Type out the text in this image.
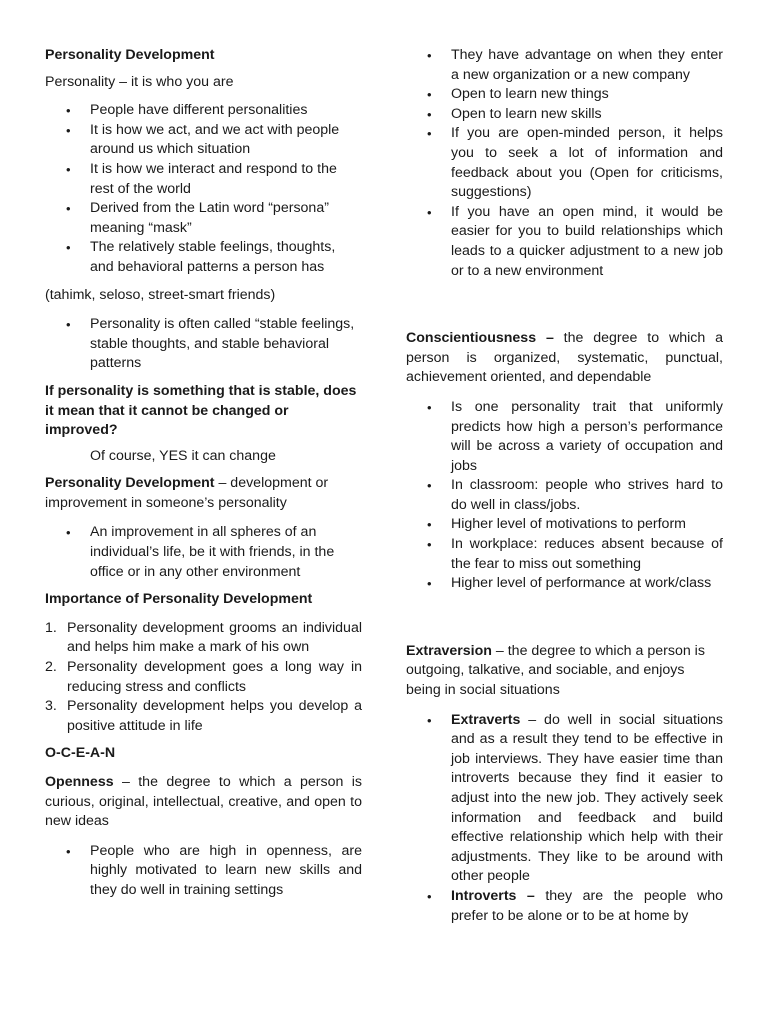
Personality Development

Personality – it is who you are

• People have different personalities
• It is how we act, and we act with people around us which situation
• It is how we interact and respond to the rest of the world
• Derived from the Latin word “persona” meaning “mask”
• The relatively stable feelings, thoughts, and behavioral patterns a person has

(tahimk, seloso, street-smart friends)

• Personality is often called “stable feelings, stable thoughts, and stable behavioral patterns

If personality is something that is stable, does it mean that it cannot be changed or improved?

Of course, YES it can change

Personality Development – development or improvement in someone’s personality

• An improvement in all spheres of an individual’s life, be it with friends, in the office or in any other environment

Importance of Personality Development

1. Personality development grooms an individual and helps him make a mark of his own
2. Personality development goes a long way in reducing stress and conflicts
3. Personality development helps you develop a positive attitude in life

O-C-E-A-N

Openness – the degree to which a person is curious, original, intellectual, creative, and open to new ideas

• People who are high in openness, are highly motivated to learn new skills and they do well in training settings
• They have advantage on when they enter a new organization or a new company
• Open to learn new things
• Open to learn new skills
• If you are open-minded person, it helps you to seek a lot of information and feedback about you (Open for criticisms, suggestions)
• If you have an open mind, it would be easier for you to build relationships which leads to a quicker adjustment to a new job or to a new environment

Conscientiousness – the degree to which a person is organized, systematic, punctual, achievement oriented, and dependable

• Is one personality trait that uniformly predicts how high a person’s performance will be across a variety of occupation and jobs
• In classroom: people who strives hard to do well in class/jobs.
• Higher level of motivations to perform
• In workplace: reduces absent because of the fear to miss out something
• Higher level of performance at work/class

Extraversion – the degree to which a person is outgoing, talkative, and sociable, and enjoys being in social situations

• Extraverts – do well in social situations and as a result they tend to be effective in job interviews. They have easier time than introverts because they find it easier to adjust into the new job. They actively seek information and feedback and build effective relationship which help with their adjustments. They like to be around with other people
• Introverts – they are the people who prefer to be alone or to be at home by
